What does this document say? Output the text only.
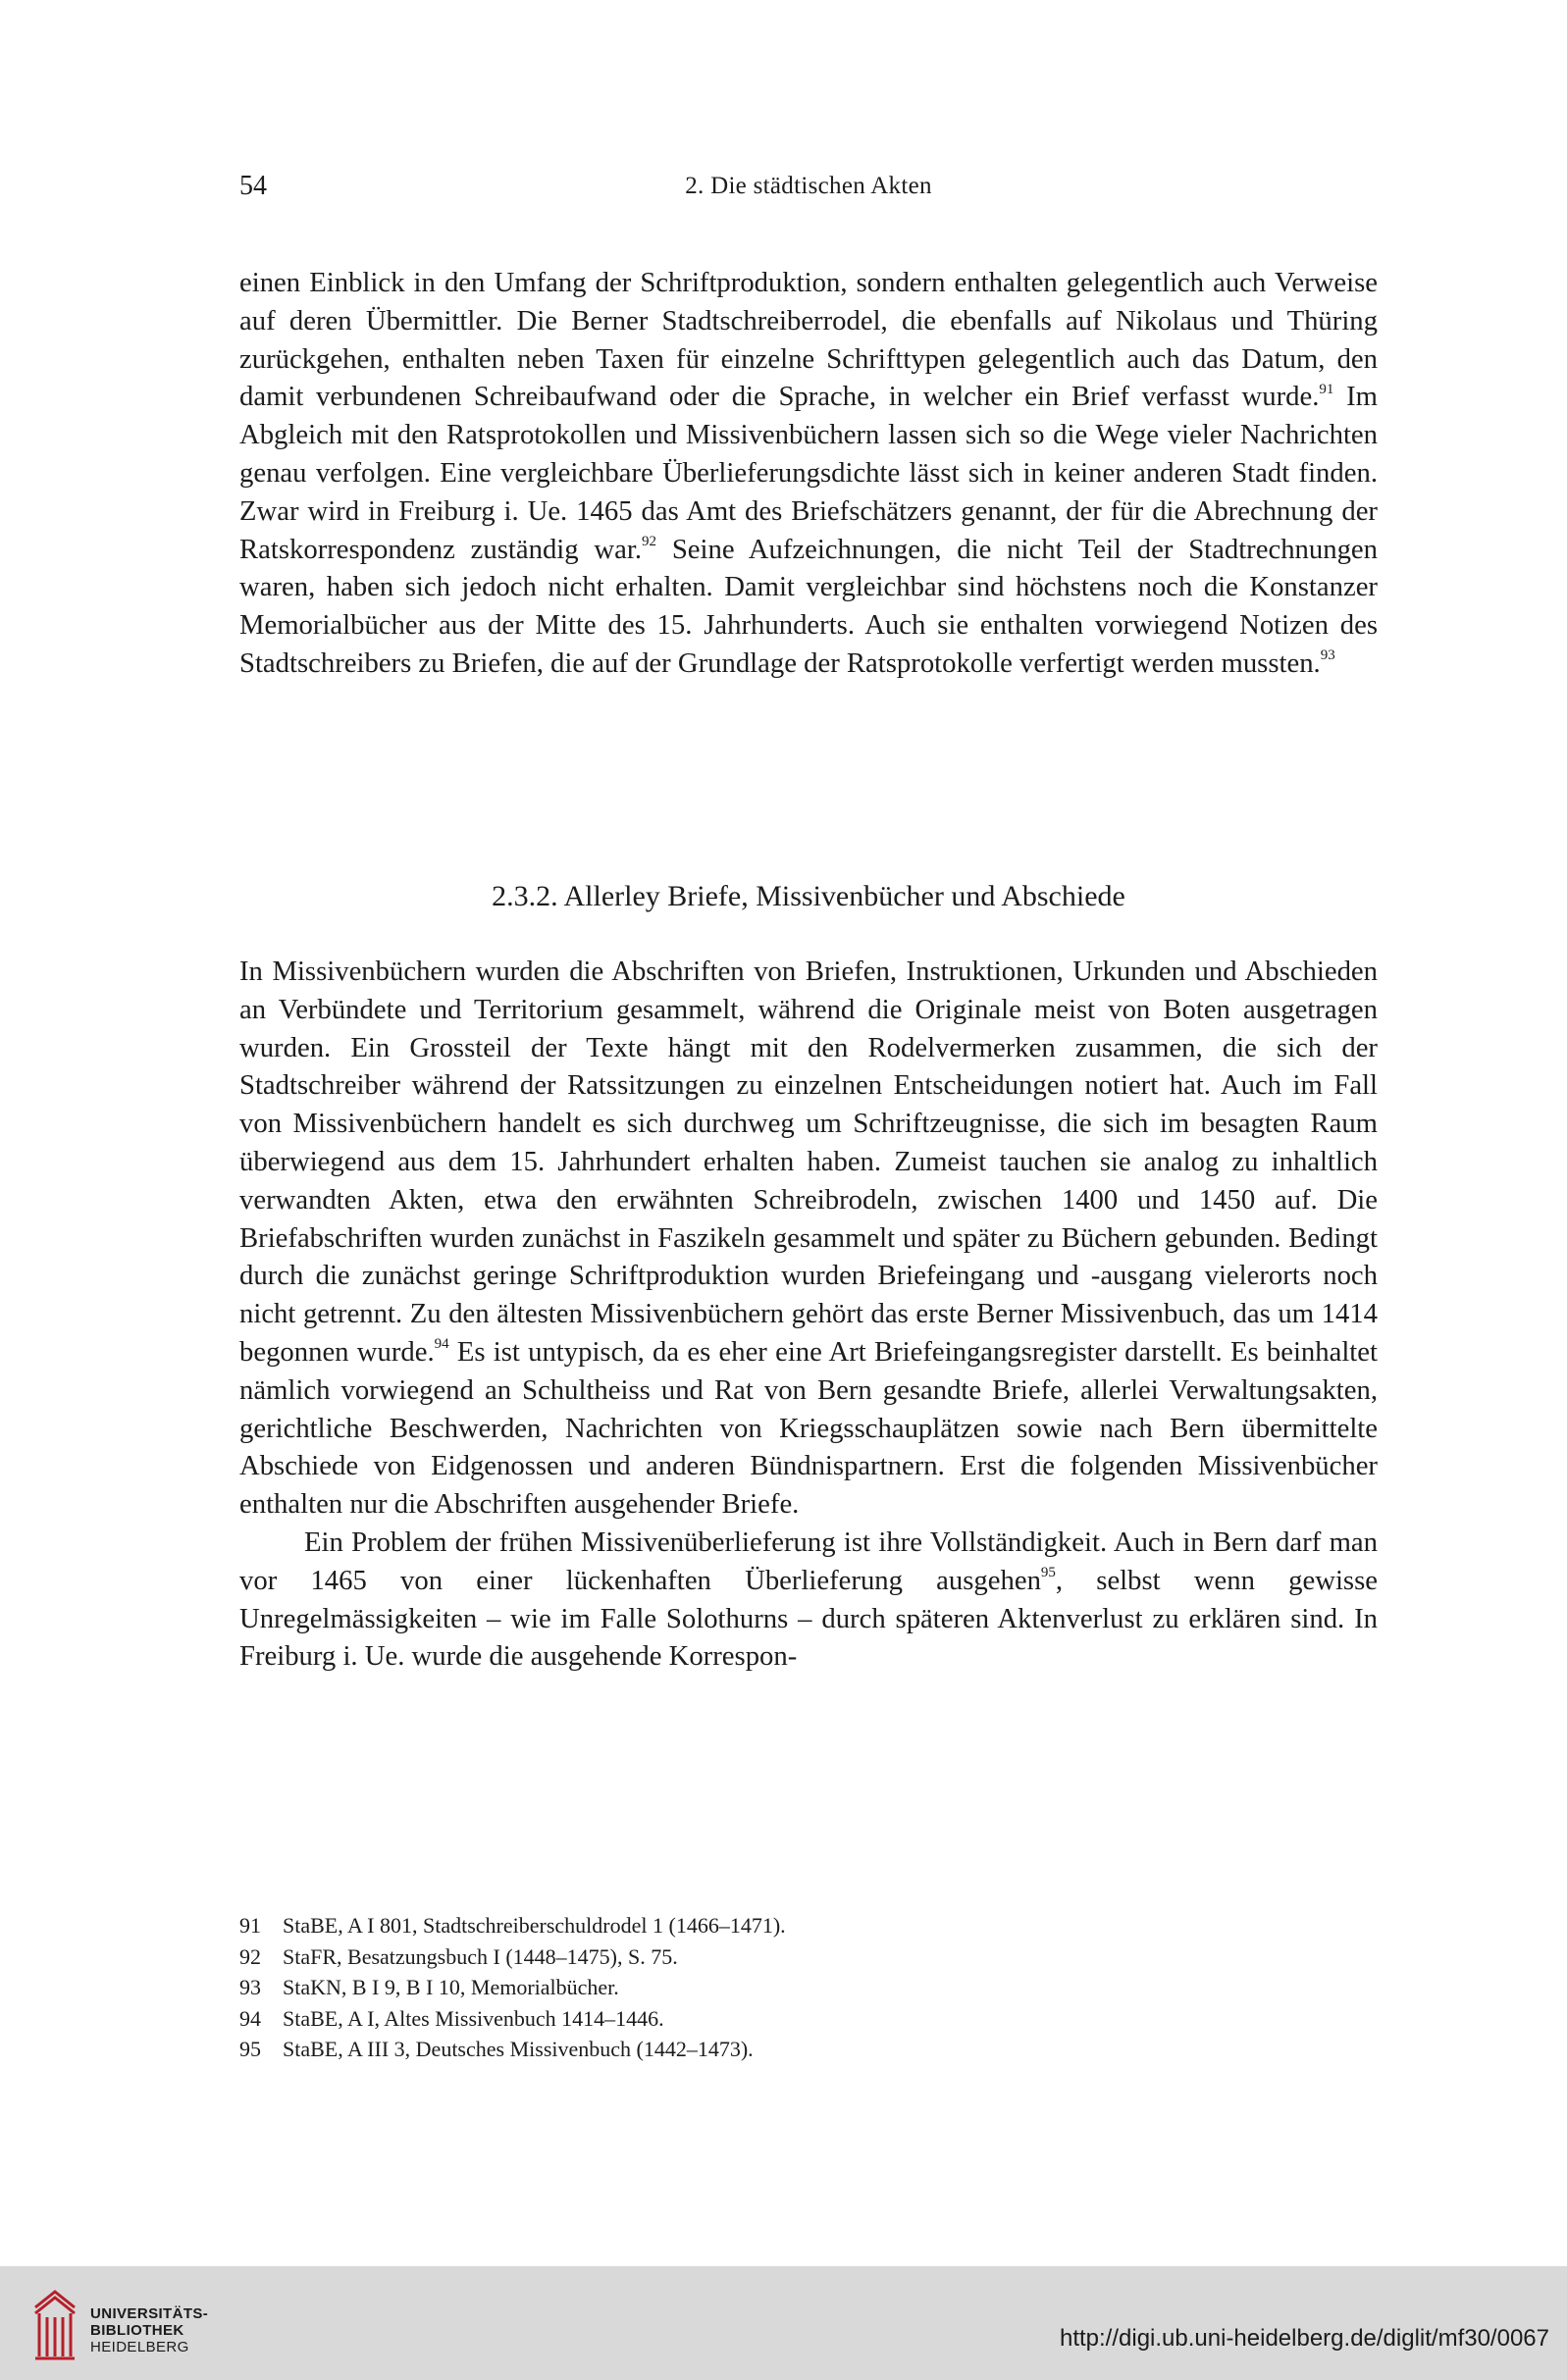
54	2. Die städtischen Akten

einen Einblick in den Umfang der Schriftproduktion, sondern enthalten gelegentlich auch Verweise auf deren Übermittler. Die Berner Stadtschreiberrodel, die ebenfalls auf Nikolaus und Thüring zurückgehen, enthalten neben Taxen für einzelne Schrifttypen gelegentlich auch das Datum, den damit verbundenen Schreibaufwand oder die Sprache, in welcher ein Brief verfasst wurde.$^{91}$ Im Abgleich mit den Ratsprotokollen und Missivenbüchern lassen sich so die Wege vieler Nachrichten genau verfolgen. Eine vergleichbare Überlieferungsdichte lässt sich in keiner anderen Stadt finden. Zwar wird in Freiburg i. Ue. 1465 das Amt des Briefschätzers genannt, der für die Abrechnung der Ratskorrespondenz zuständig war.$^{92}$ Seine Aufzeichnungen, die nicht Teil der Stadtrechnungen waren, haben sich jedoch nicht erhalten. Damit vergleichbar sind höchstens noch die Konstanzer Memorialbücher aus der Mitte des 15. Jahrhunderts. Auch sie enthalten vorwiegend Notizen des Stadtschreibers zu Briefen, die auf der Grundlage der Ratsprotokolle verfertigt werden mussten.$^{93}$

2.3.2. Allerley Briefe, Missivenbücher und Abschiede

In Missivenbüchern wurden die Abschriften von Briefen, Instruktionen, Urkunden und Abschieden an Verbündete und Territorium gesammelt, während die Originale meist von Boten ausgetragen wurden. Ein Grossteil der Texte hängt mit den Rodelvermerken zusammen, die sich der Stadtschreiber während der Ratssitzungen zu einzelnen Entscheidungen notiert hat. Auch im Fall von Missivenbüchern handelt es sich durchweg um Schriftzeugnisse, die sich im besagten Raum überwiegend aus dem 15. Jahrhundert erhalten haben. Zumeist tauchen sie analog zu inhaltlich verwandten Akten, etwa den erwähnten Schreibrodeln, zwischen 1400 und 1450 auf. Die Briefabschriften wurden zunächst in Faszikeln gesammelt und später zu Büchern gebunden. Bedingt durch die zunächst geringe Schriftproduktion wurden Briefeingang und -ausgang vielerorts noch nicht getrennt. Zu den ältesten Missivenbüchern gehört das erste Berner Missivenbuch, das um 1414 begonnen wurde.$^{94}$ Es ist untypisch, da es eher eine Art Briefeingangsregister darstellt. Es beinhaltet nämlich vorwiegend an Schultheiss und Rat von Bern gesandte Briefe, allerlei Verwaltungsakten, gerichtliche Beschwerden, Nachrichten von Kriegsschauplätzen sowie nach Bern übermittelte Abschiede von Eidgenossen und anderen Bündnispartnern. Erst die folgenden Missivenbücher enthalten nur die Abschriften ausgehender Briefe.

Ein Problem der frühen Missivenüberlieferung ist ihre Vollständigkeit. Auch in Bern darf man vor 1465 von einer lückenhaften Überlieferung ausgehen$^{95}$, selbst wenn gewisse Unregelmässigkeiten – wie im Falle Solothurns – durch späteren Aktenverlust zu erklären sind. In Freiburg i. Ue. wurde die ausgehende Korrespon-

91 StaBE, A I 801, Stadtschreiberschuldrodel 1 (1466–1471).
92 StaFR, Besatzungsbuch I (1448–1475), S. 75.
93 StaKN, B I 9, B I 10, Memorialbücher.
94 StaBE, A I, Altes Missivenbuch 1414–1446.
95 StaBE, A III 3, Deutsches Missivenbuch (1442–1473).
UNIVERSITÄTS-
BIBLIOTHEK
HEIDELBERG	http://digi.ub.uni-heidelberg.de/diglit/mf30/0067
